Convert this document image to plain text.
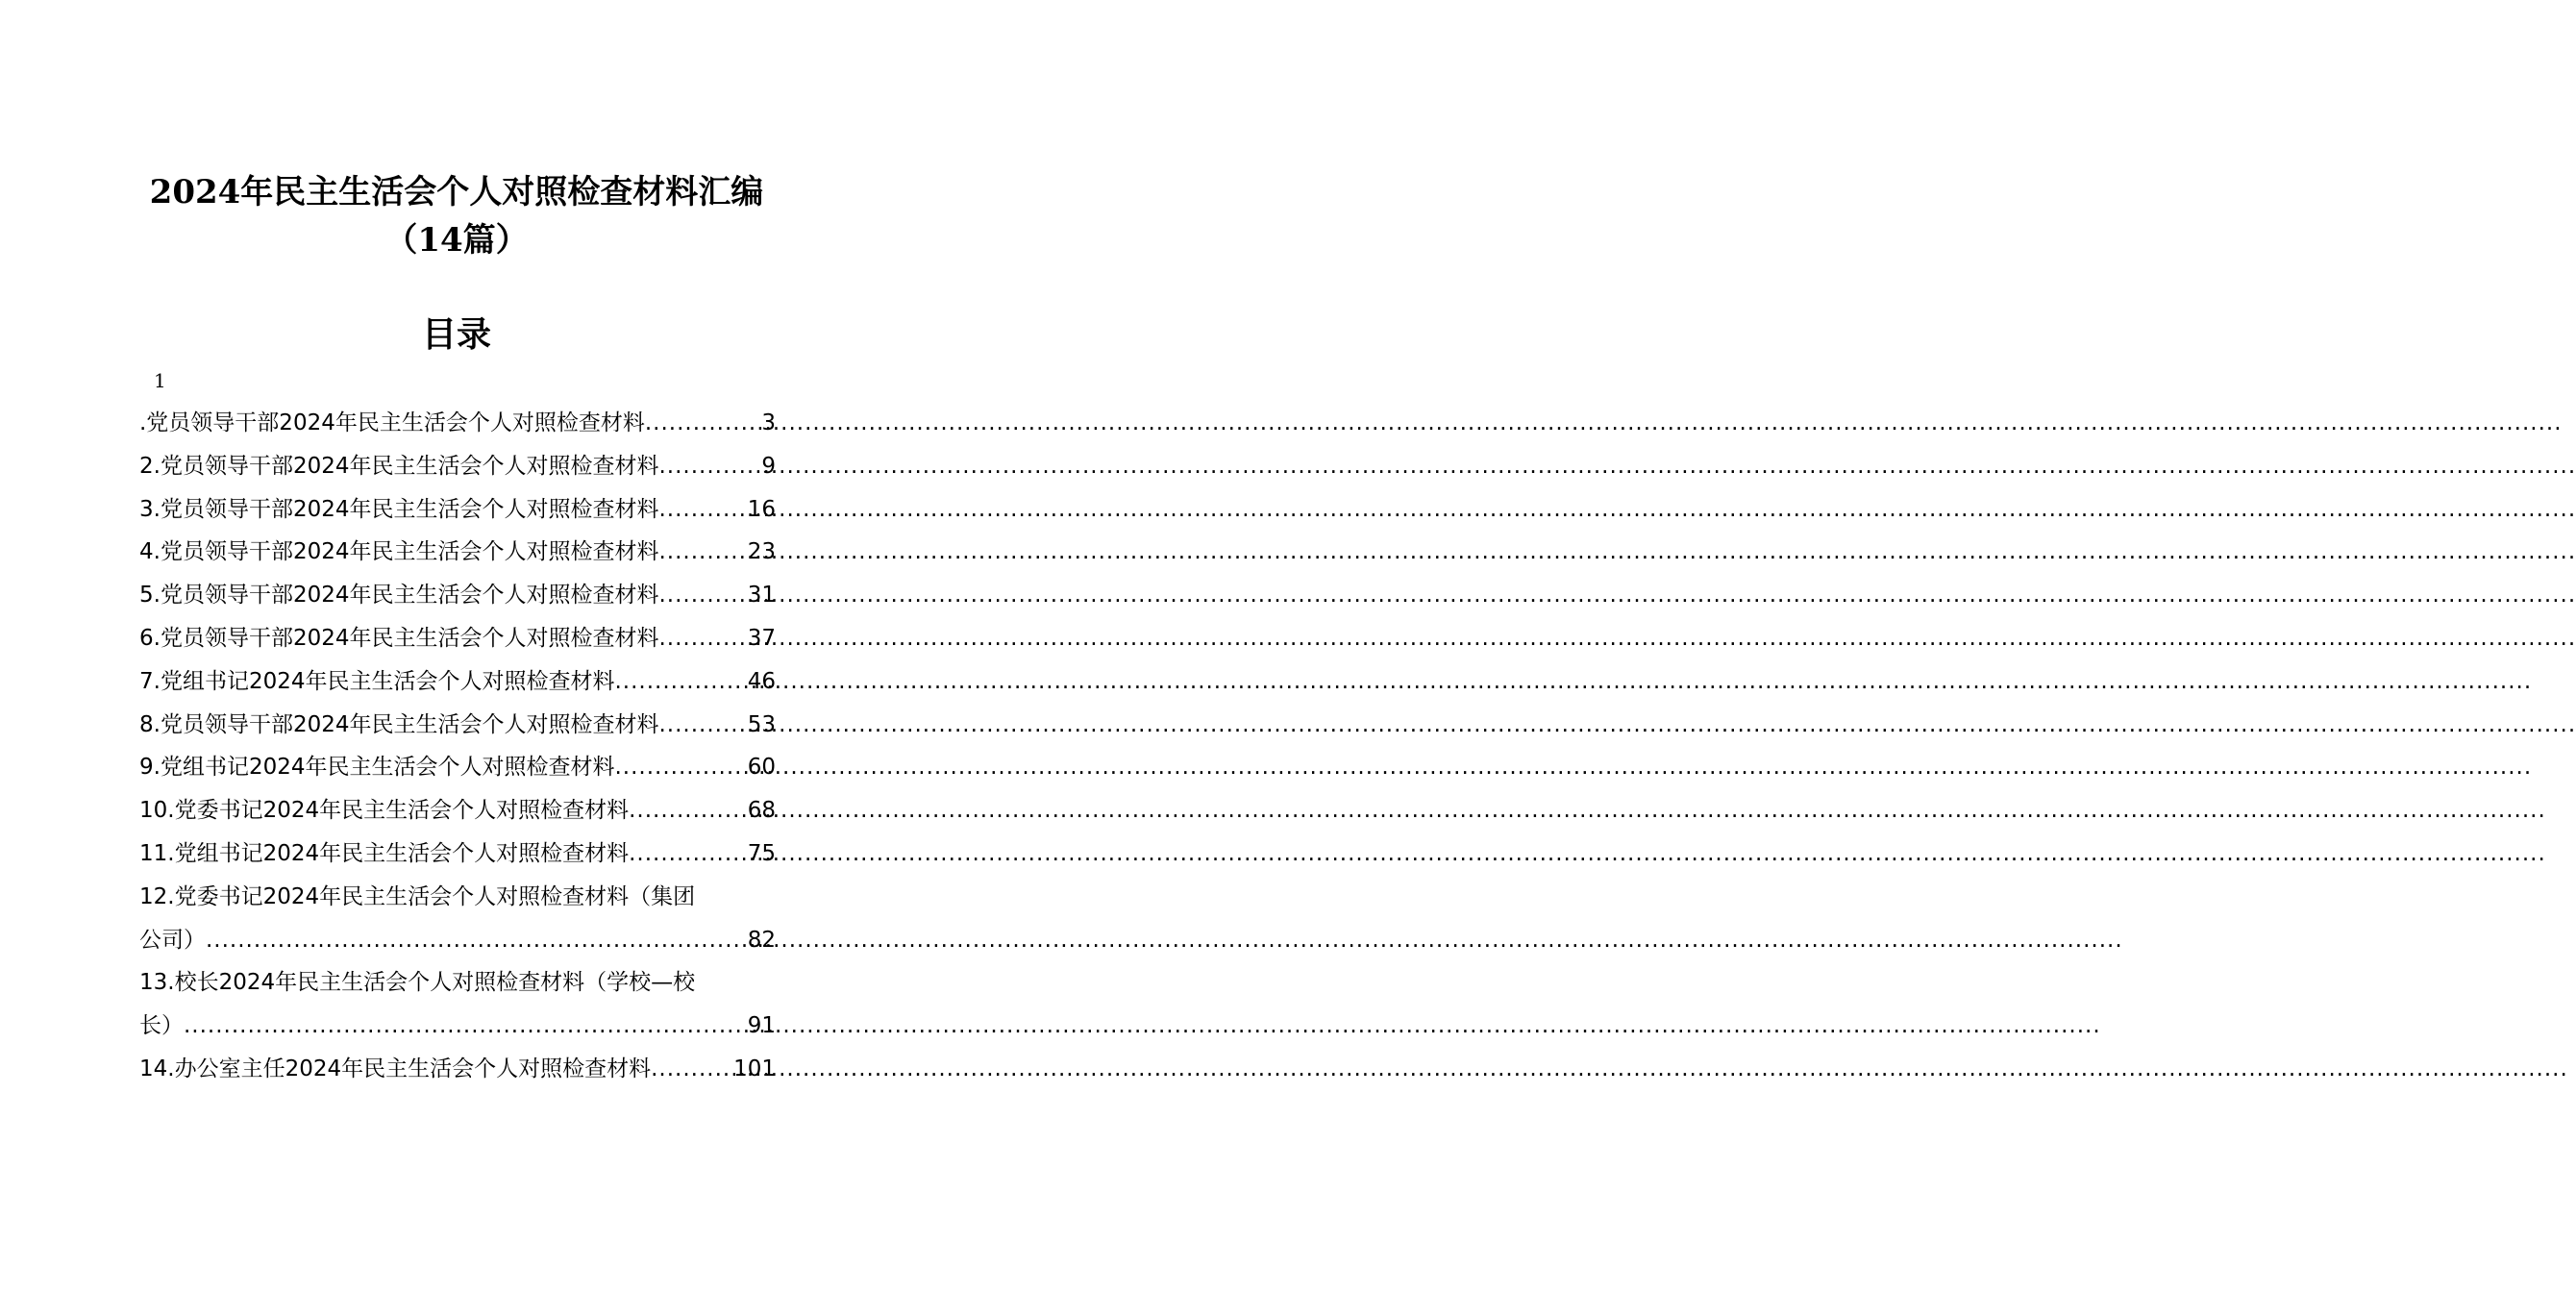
2024年民主生活会个人对照检查材料汇编
（14篇）
目录
1
.党员领导干部2024年民主生活会个人对照检查材料 .....	3
2.党员领导干部2024年民主生活会个人对照检查材料 .....	9
3.党员领导干部2024年民主生活会个人对照检查材料 .....	16
4.党员领导干部2024年民主生活会个人对照检查材料 .....	23
5.党员领导干部2024年民主生活会个人对照检查材料 .....	31
6.党员领导干部2024年民主生活会个人对照检查材料 .....	37
7.党组书记2024年民主生活会个人对照检查材料 .....	46
8.党员领导干部2024年民主生活会个人对照检查材料 .....	53
9.党组书记2024年民主生活会个人对照检查材料 .....	60
10.党委书记2024年民主生活会个人对照检查材料 .....	68
11.党组书记2024年民主生活会个人对照检查材料 .....	75
12.党委书记2024年民主生活会个人对照检查材料（集团
公司） .....	82
13.校长2024年民主生活会个人对照检查材料（学校—校
长） .....	91
14.办公室主任2024年民主生活会个人对照检查材料 .....	101
